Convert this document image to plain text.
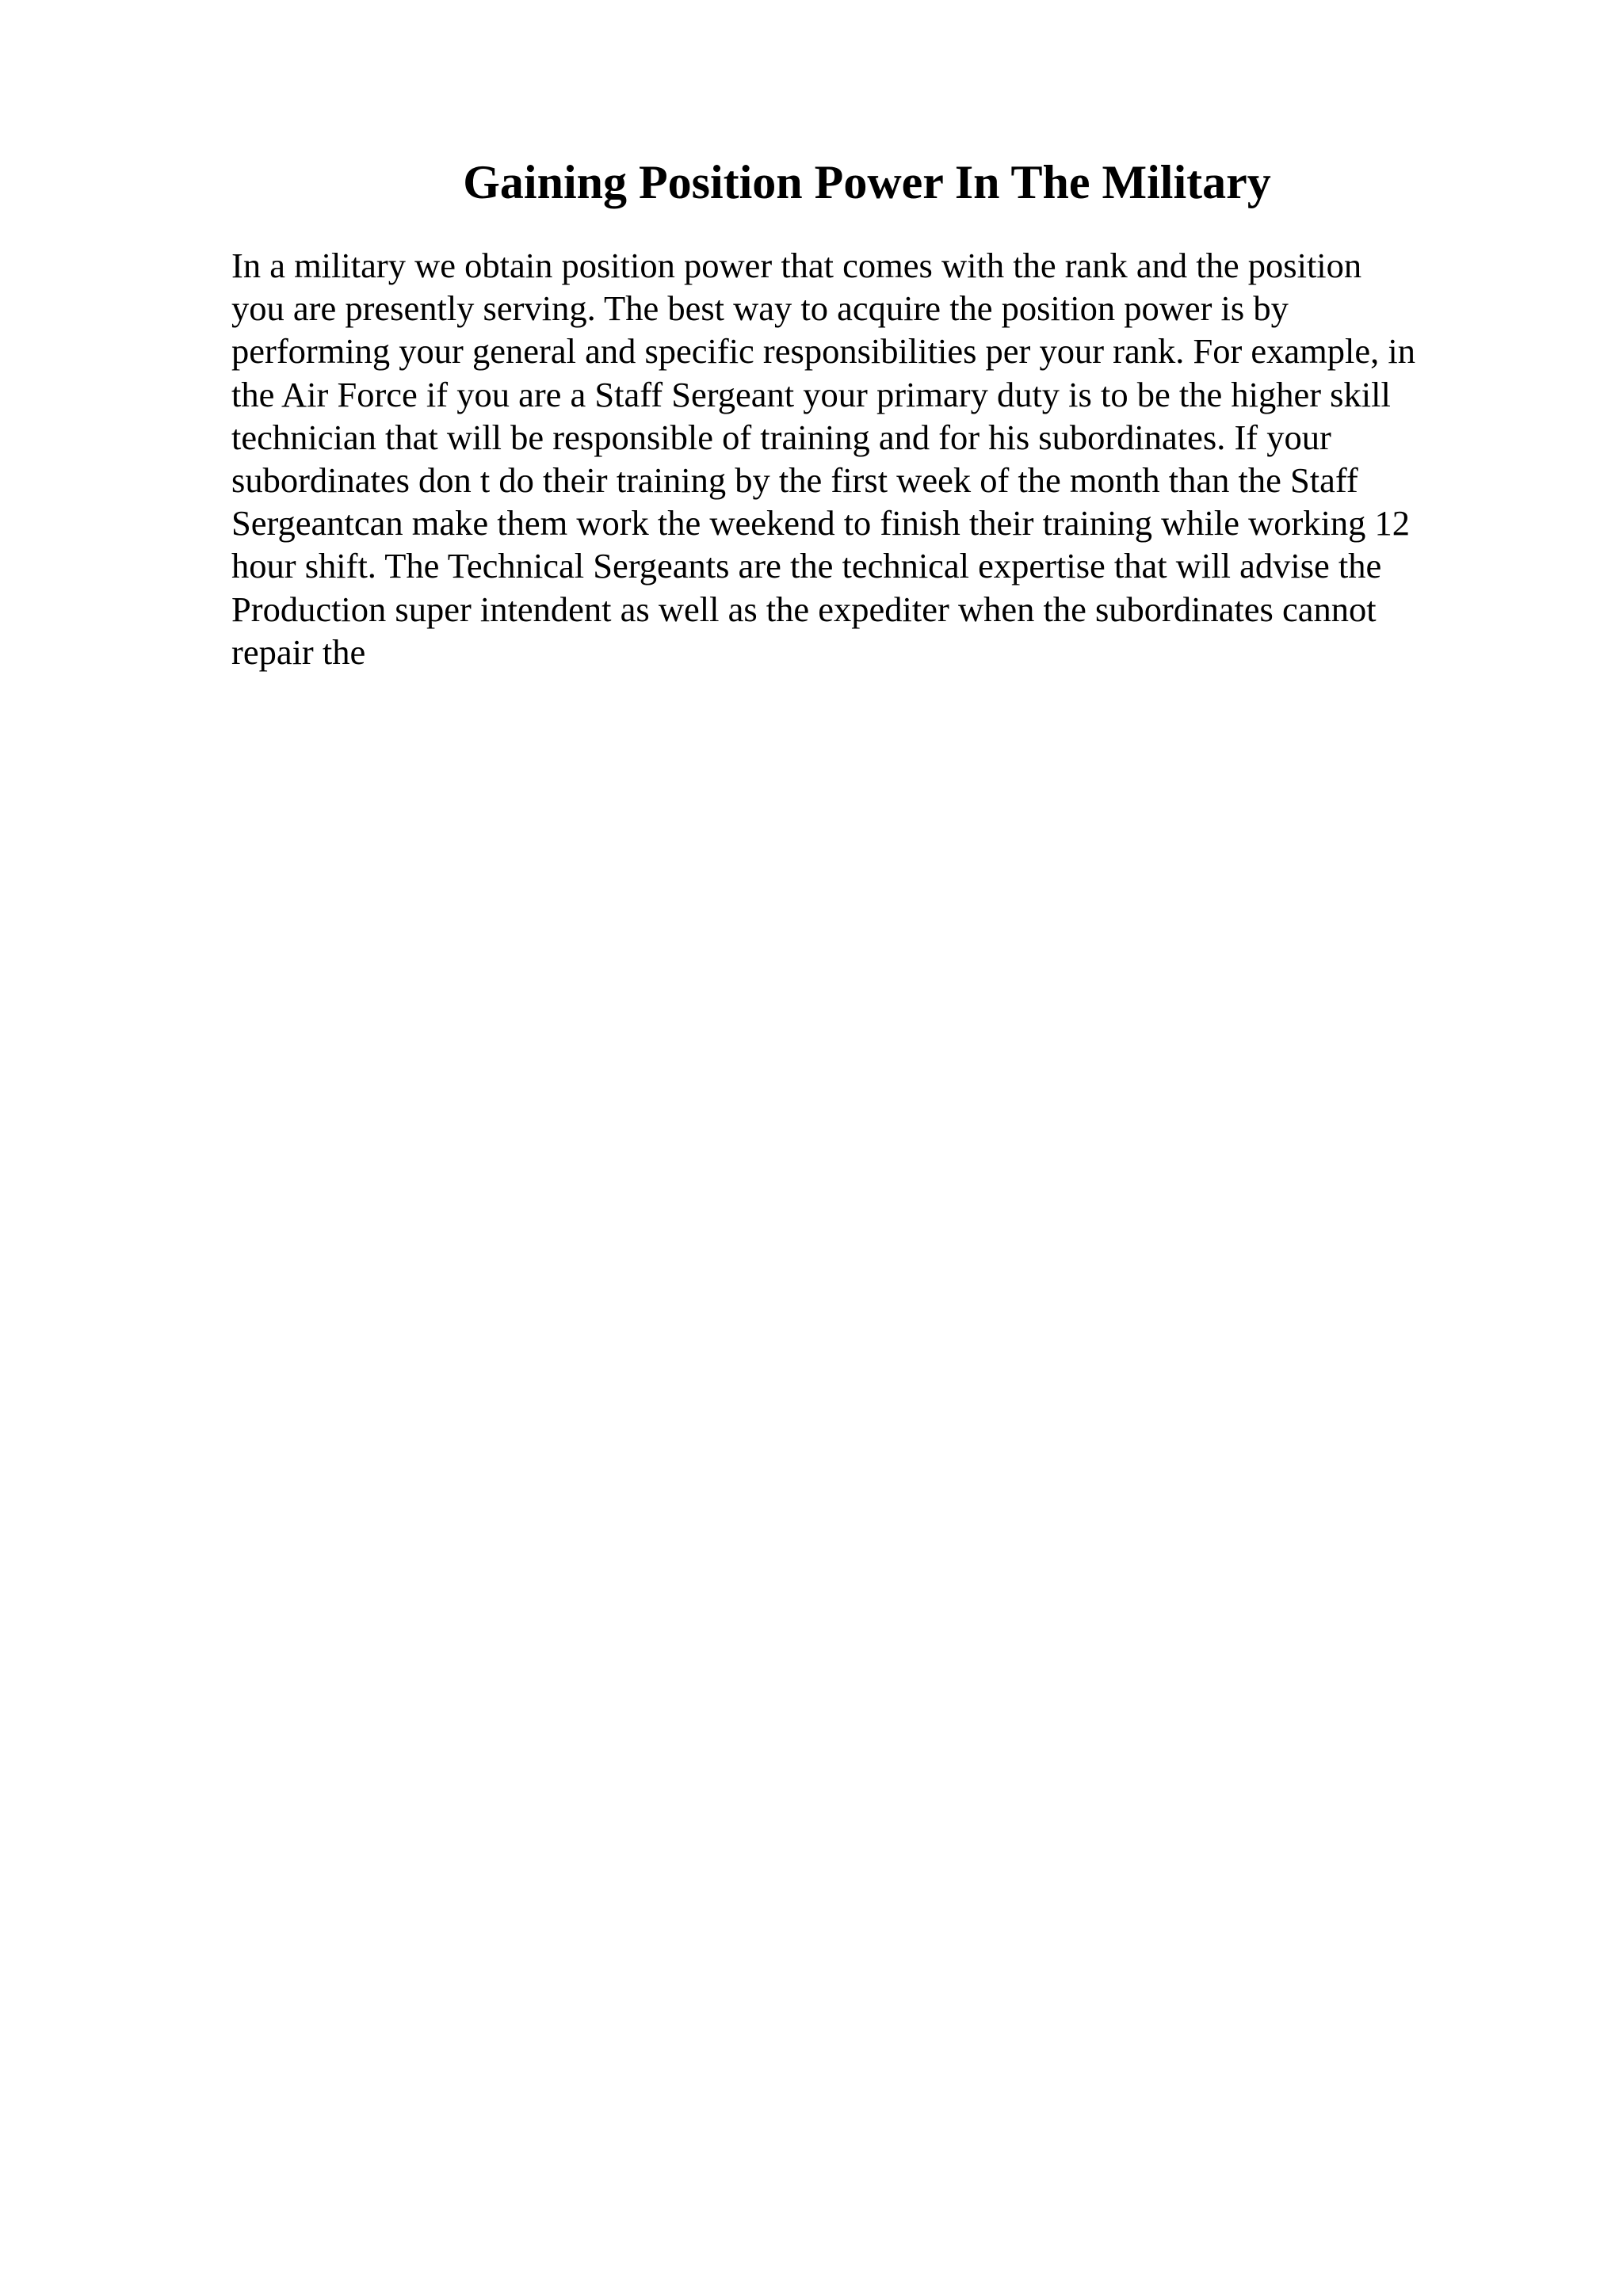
Gaining Position Power In The Military

In a military we obtain position power that comes with the rank and the position
you are presently serving. The best way to acquire the position power is by
performing your general and specific responsibilities per your rank. For example, in
the Air Force if you are a Staff Sergeant your primary duty is to be the higher skill
technician that will be responsible of training and for his subordinates. If your
subordinates don t do their training by the first week of the month than the Staff
Sergeantcan make them work the weekend to finish their training while working 12
hour shift. The Technical Sergeants are the technical expertise that will advise the
Production super intendent as well as the expediter when the subordinates cannot
repair the
